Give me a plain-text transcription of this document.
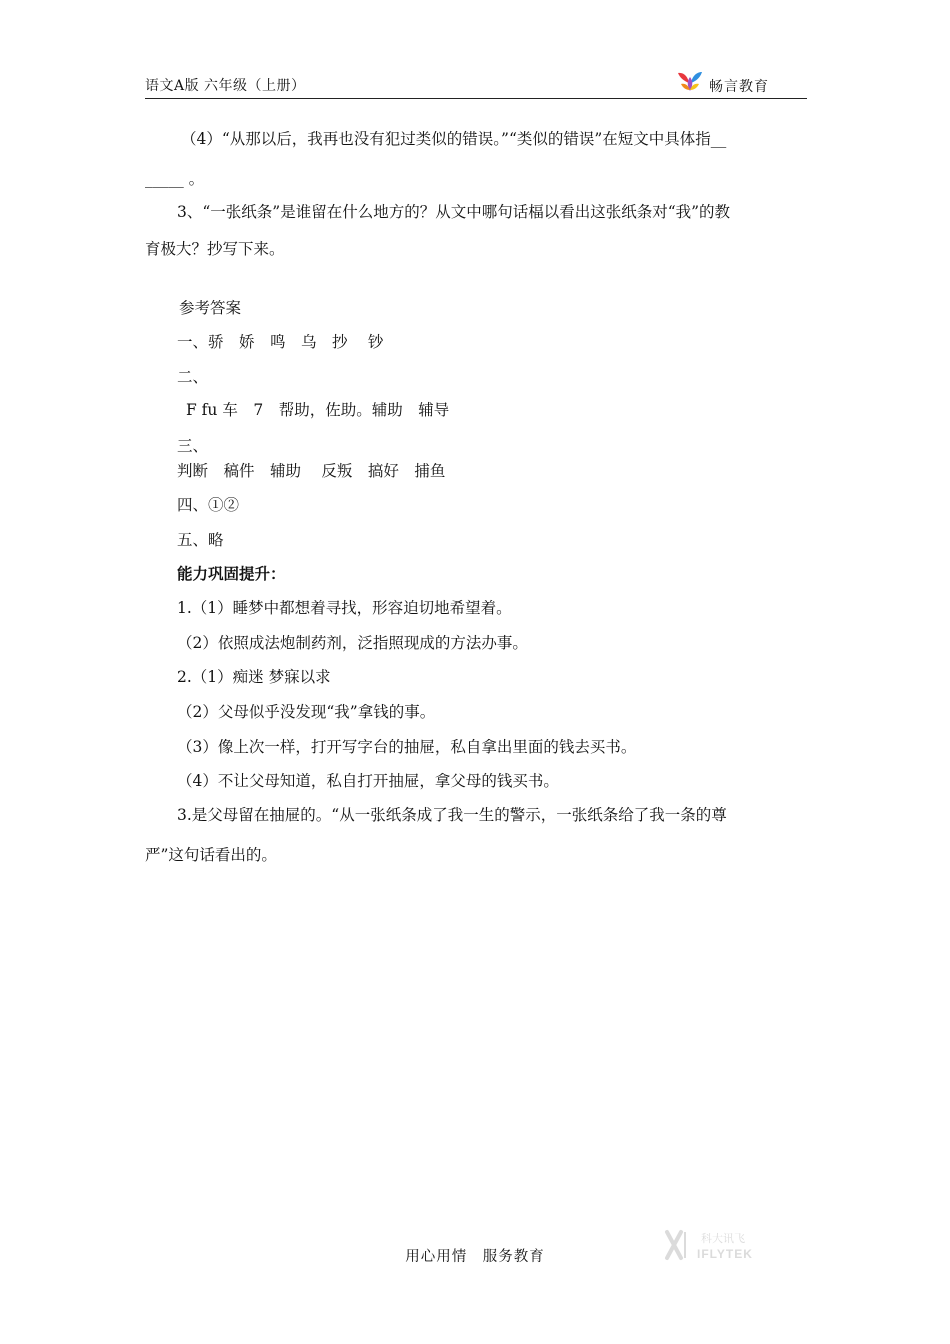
语文A版 六年级（上册）	畅言教育
（4）“从那以后，我再也没有犯过类似的错误。”“类似的错误”在短文中具体指__
_____ 。
3、“一张纸条”是谁留在什么地方的？从文中哪句话楅以看出这张纸条对“我”的教
育极大？抄写下来。
参考答案
一、骄　娇　鸣　乌　抄　 钞
二、
F fu 车　7　帮助，佐助。辅助　辅导
三、
判断　稿件　辅助　 反叛　搞好　捕鱼
四、①②
五、略
能力巩固提升：
1.（1）睡梦中都想着寻找，形容迫切地希望着。
（2）依照成法炮制药剂，泛指照现成的方法办事。
2.（1）痴迷 梦寐以求
（2）父母似乎没发现“我”拿钱的事。
（3）像上次一样，打开写字台的抽屉，私自拿出里面的钱去买书。
（4）不让父母知道，私自打开抽屉，拿父母的钱买书。
3.是父母留在抽屉的。“从一张纸条成了我一生的警示，一张纸条给了我一条的尊
严”这句话看出的。
用心用情　服务教育
科大讯飞
IFLYTEK
